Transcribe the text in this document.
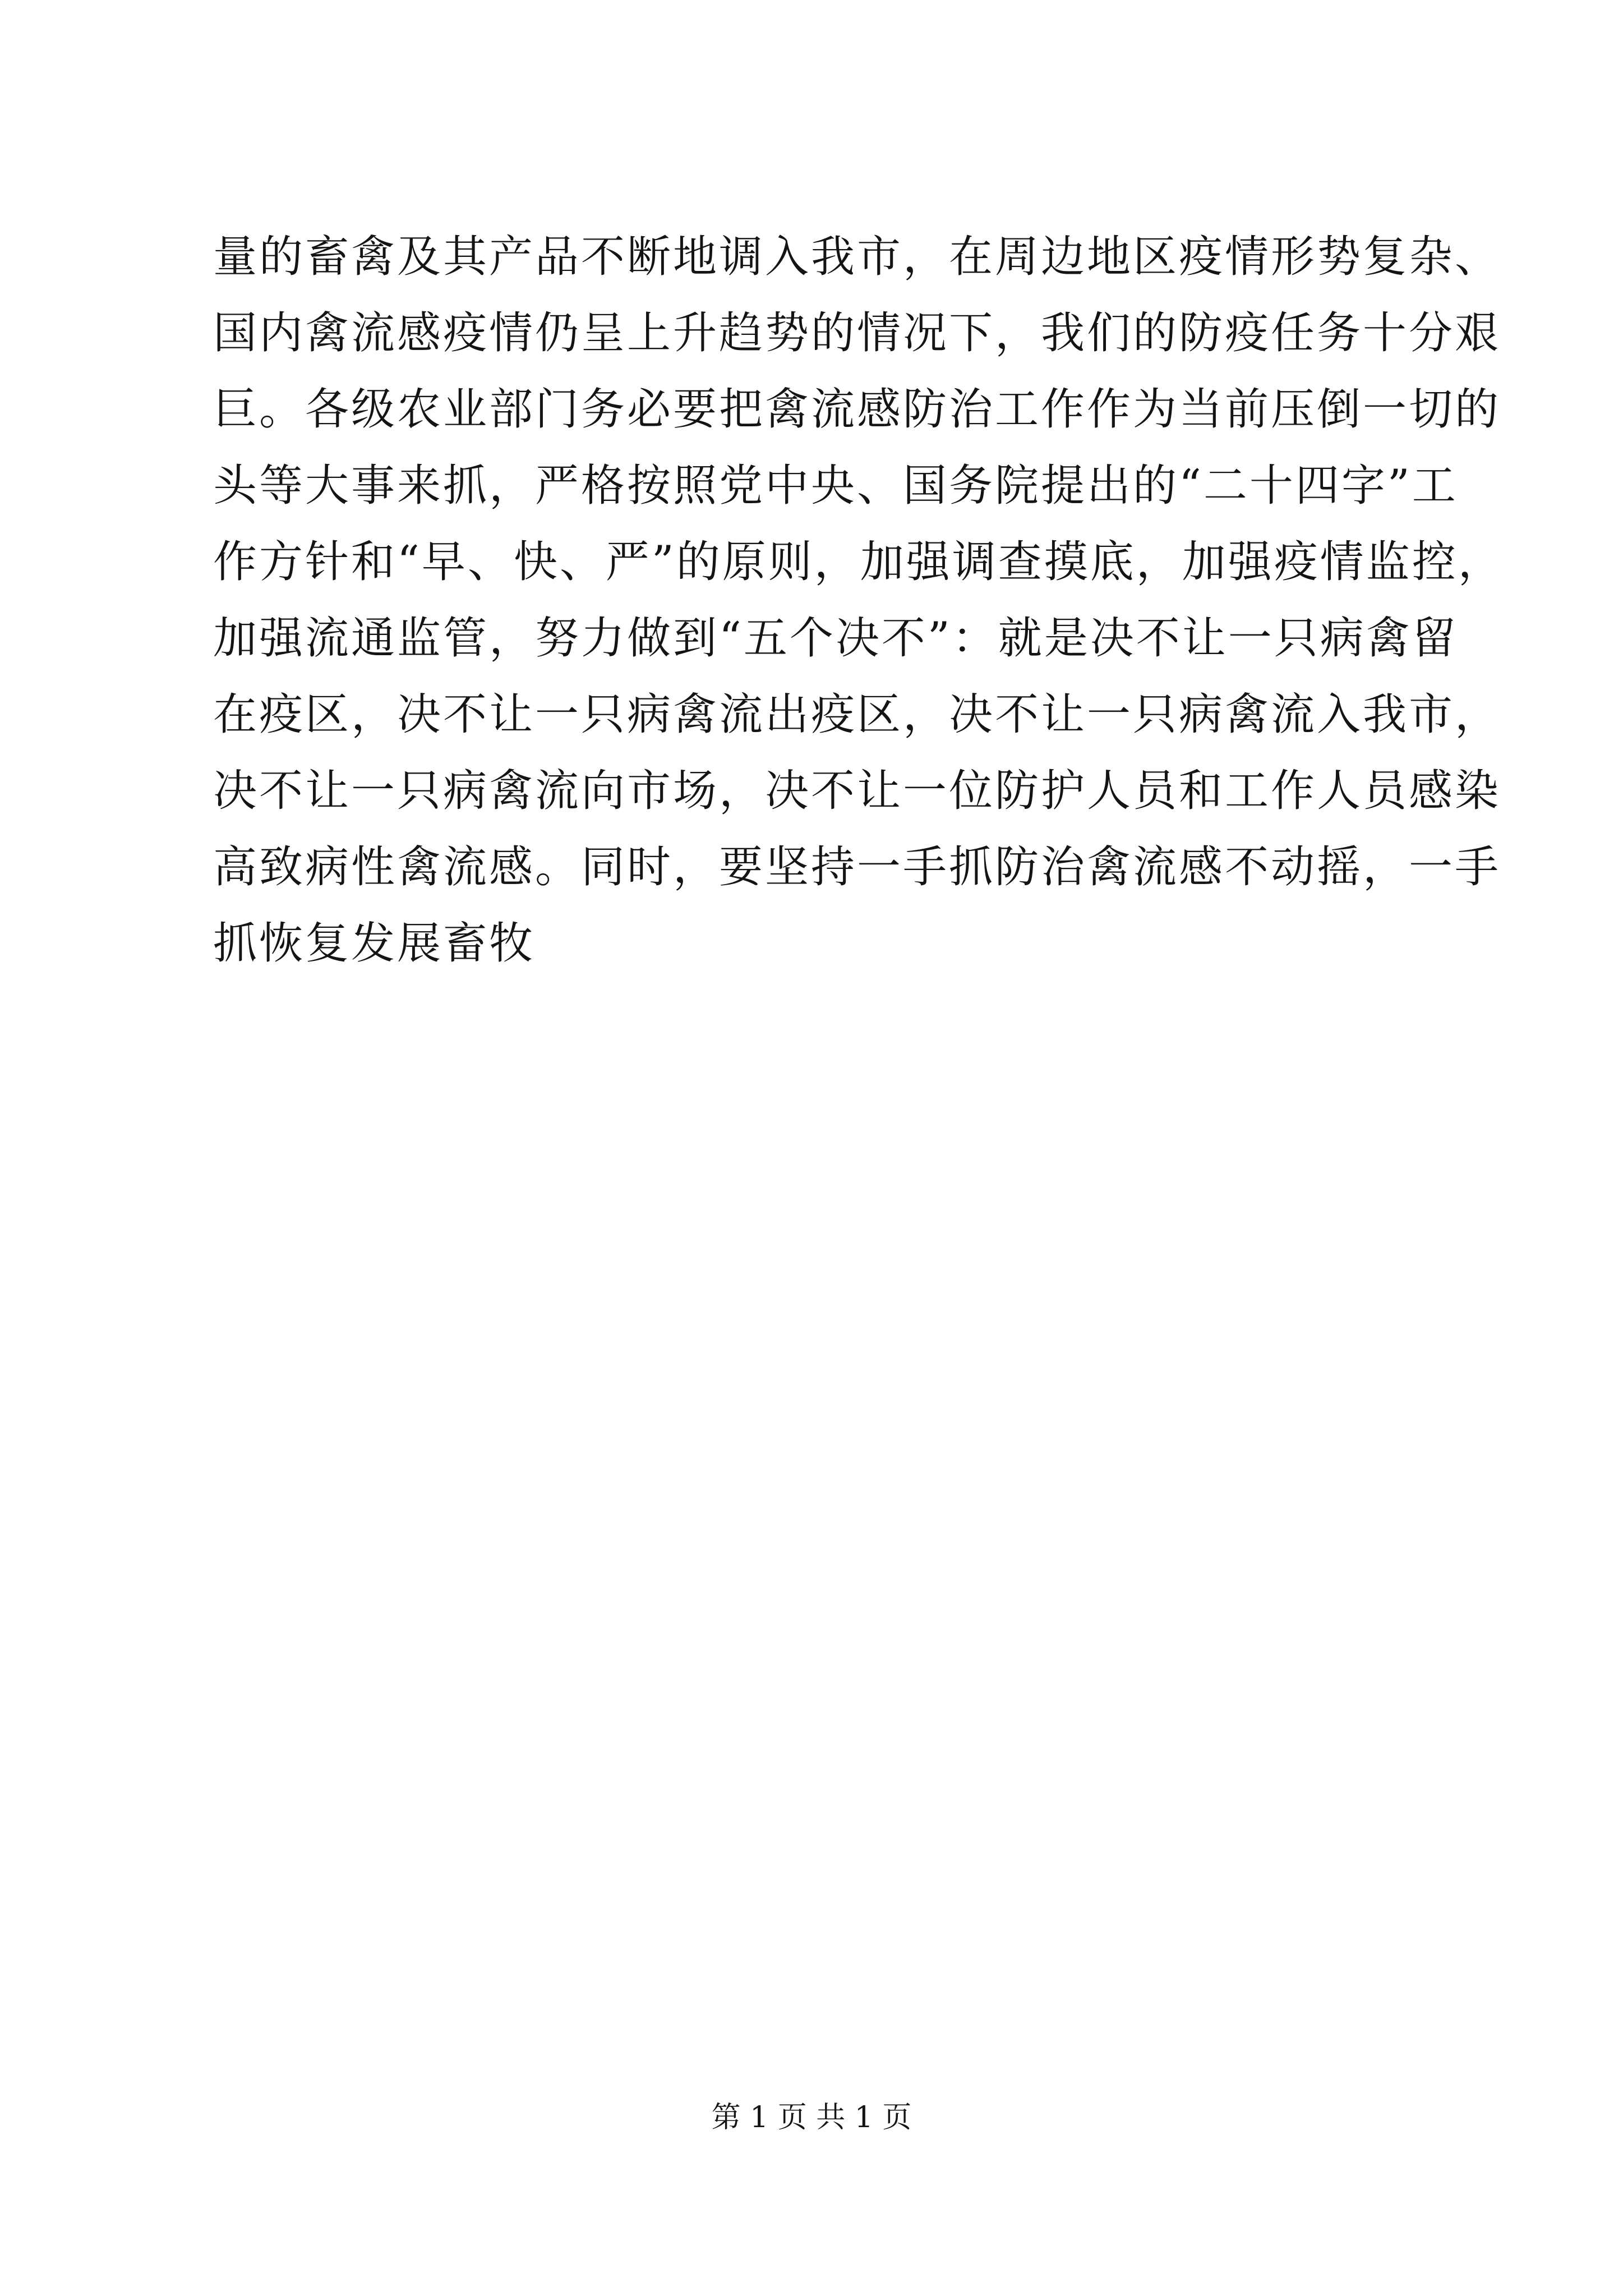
量的畜禽及其产品不断地调入我市，在周边地区疫情形势复杂、
国内禽流感疫情仍呈上升趋势的情况下，我们的防疫任务十分艰
巨。各级农业部门务必要把禽流感防治工作作为当前压倒一切的
头等大事来抓，严格按照党中央、国务院提出的“二十四字”工
作方针和“早、快、严”的原则，加强调查摸底，加强疫情监控，
加强流通监管，努力做到“五个决不”：就是决不让一只病禽留
在疫区，决不让一只病禽流出疫区，决不让一只病禽流入我市，
决不让一只病禽流向市场，决不让一位防护人员和工作人员感染
高致病性禽流感。同时，要坚持一手抓防治禽流感不动摇，一手
抓恢复发展畜牧
第 1 页 共 1 页
